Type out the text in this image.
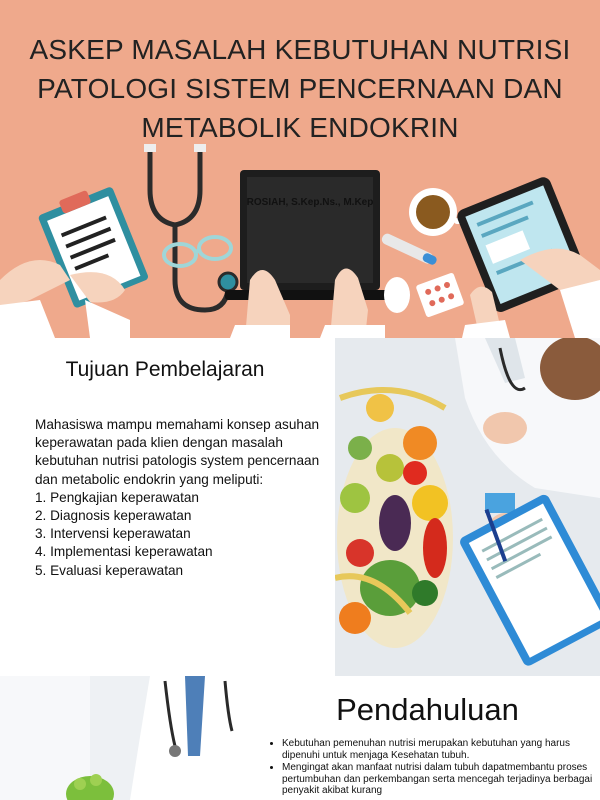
ASKEP MASALAH KEBUTUHAN NUTRISI
PATOLOGI SISTEM PENCERNAAN DAN
METABOLIK ENDOKRIN
ROSIAH, S.Kep.Ns., M.Kep
Tujuan Pembelajaran

Mahasiswa mampu memahami konsep asuhan keperawatan pada klien dengan masalah kebutuhan nutrisi patologis system pencernaan dan metabolic endokrin yang meliputi:

1. Pengkajian keperawatan
2. Diagnosis keperawatan
3. Intervensi keperawatan
4. Implementasi keperawatan
5. Evaluasi keperawatan
Pendahuluan
• Kebutuhan pemenuhan nutrisi merupakan kebutuhan yang harus dipenuhi untuk menjaga Kesehatan tubuh.
• Mengingat akan manfaat nutrisi dalam tubuh dapatmembantu proses pertumbuhan dan perkembangan serta mencegah terjadinya berbagai penyakit akibat kurang
